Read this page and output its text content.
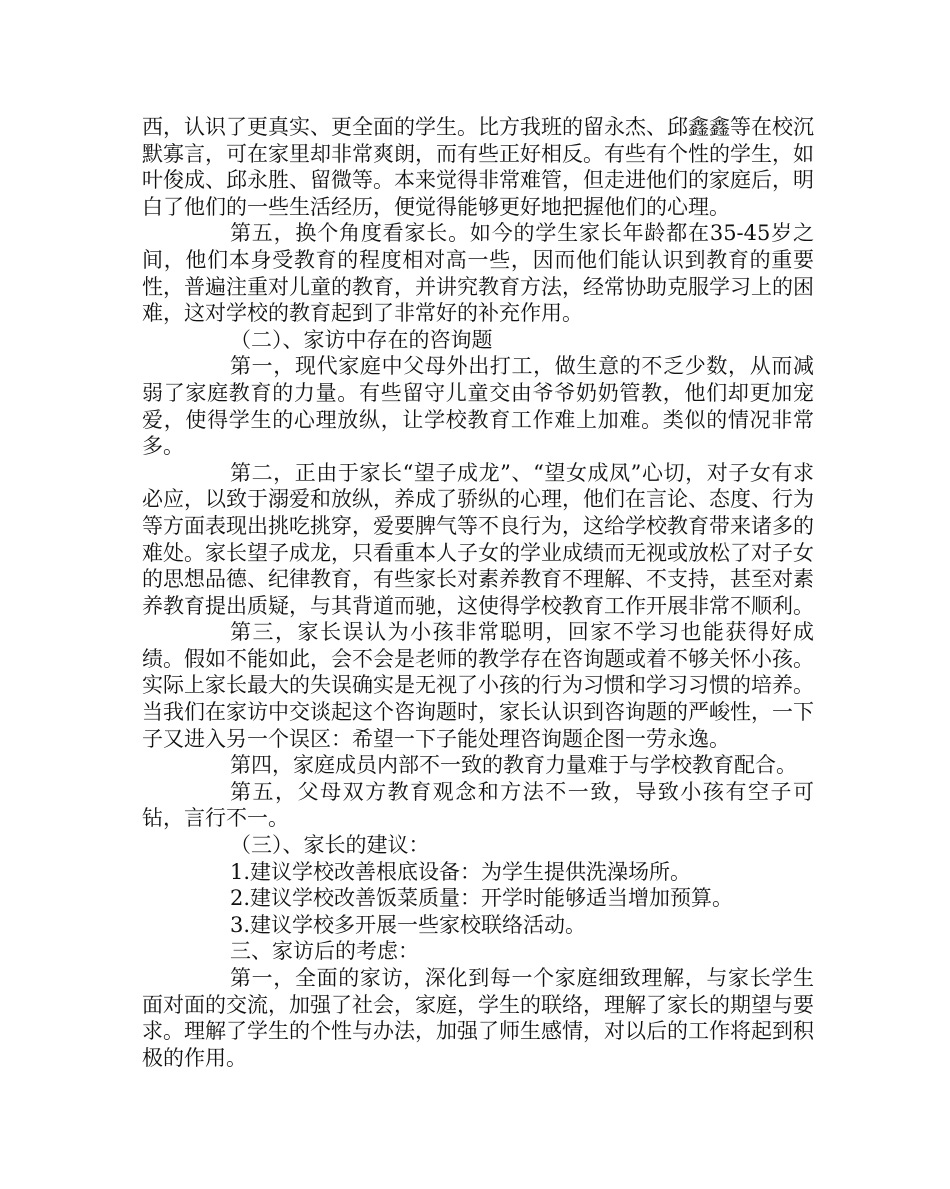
西，认识了更真实、更全面的学生。比方我班的留永杰、邱鑫鑫等在校沉默寡言，可在家里却非常爽朗，而有些正好相反。有些有个性的学生，如叶俊成、邱永胜、留微等。本来觉得非常难管，但走进他们的家庭后，明白了他们的一些生活经历，便觉得能够更好地把握他们的心理。

第五，换个角度看家长。如今的学生家长年龄都在35-45岁之间，他们本身受教育的程度相对高一些，因而他们能认识到教育的重要性，普遍注重对儿童的教育，并讲究教育方法，经常协助克服学习上的困难，这对学校的教育起到了非常好的补充作用。

（二）、家访中存在的咨询题

第一，现代家庭中父母外出打工，做生意的不乏少数，从而减弱了家庭教育的力量。有些留守儿童交由爷爷奶奶管教，他们却更加宠爱，使得学生的心理放纵，让学校教育工作难上加难。类似的情况非常多。

第二，正由于家长“望子成龙”、“望女成凤”心切，对子女有求必应，以致于溺爱和放纵，养成了骄纵的心理，他们在言论、态度、行为等方面表现出挑吃挑穿，爱要脾气等不良行为，这给学校教育带来诸多的难处。家长望子成龙，只看重本人子女的学业成绩而无视或放松了对子女的思想品德、纪律教育，有些家长对素养教育不理解、不支持，甚至对素养教育提出质疑，与其背道而驰，这使得学校教育工作开展非常不顺利。

第三，家长误认为小孩非常聪明，回家不学习也能获得好成绩。假如不能如此，会不会是老师的教学存在咨询题或着不够关怀小孩。实际上家长最大的失误确实是无视了小孩的行为习惯和学习习惯的培养。当我们在家访中交谈起这个咨询题时，家长认识到咨询题的严峻性，一下子又进入另一个误区：希望一下子能处理咨询题企图一劳永逸。

第四，家庭成员内部不一致的教育力量难于与学校教育配合。

第五，父母双方教育观念和方法不一致，导致小孩有空子可钻，言行不一。

（三）、家长的建议：

1.建议学校改善根底设备：为学生提供洗澡场所。

2.建议学校改善饭菜质量：开学时能够适当增加预算。

3.建议学校多开展一些家校联络活动。

三、家访后的考虑：

第一，全面的家访，深化到每一个家庭细致理解，与家长学生面对面的交流，加强了社会，家庭，学生的联络，理解了家长的期望与要求。理解了学生的个性与办法，加强了师生感情，对以后的工作将起到积极的作用。
